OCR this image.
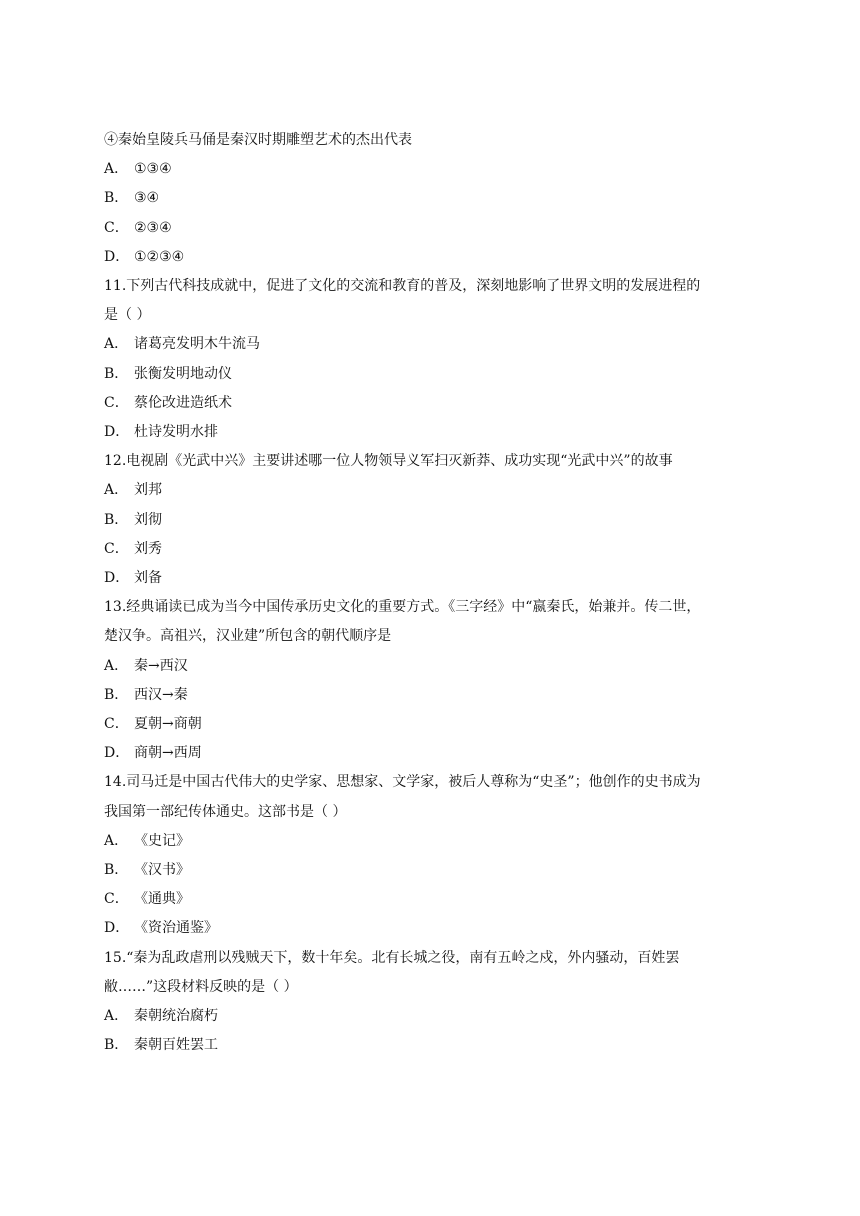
④秦始皇陵兵马俑是秦汉时期雕塑艺术的杰出代表
A． ①③④
B． ③④
C． ②③④
D． ①②③④
11.下列古代科技成就中，促进了文化的交流和教育的普及，深刻地影响了世界文明的发展进程的
是（ ）
A． 诸葛亮发明木牛流马
B． 张衡发明地动仪
C． 蔡伦改进造纸术
D． 杜诗发明水排
12.电视剧《光武中兴》主要讲述哪一位人物领导义军扫灭新莽、成功实现“光武中兴”的故事
A． 刘邦
B． 刘彻
C． 刘秀
D． 刘备
13.经典诵读已成为当今中国传承历史文化的重要方式。《三字经》中“嬴秦氏，始兼并。传二世，
楚汉争。高祖兴，汉业建”所包含的朝代顺序是
A． 秦→西汉
B． 西汉→秦
C． 夏朝→商朝
D． 商朝→西周
14.司马迁是中国古代伟大的史学家、思想家、文学家，被后人尊称为“史圣”；他创作的史书成为
我国第一部纪传体通史。这部书是（ ）
A． 《史记》
B． 《汉书》
C． 《通典》
D． 《资治通鉴》
15.“秦为乱政虐刑以残贼天下，数十年矣。北有长城之役，南有五岭之戍，外内骚动，百姓罢
敝……”这段材料反映的是（ ）
A． 秦朝统治腐朽
B． 秦朝百姓罢工
